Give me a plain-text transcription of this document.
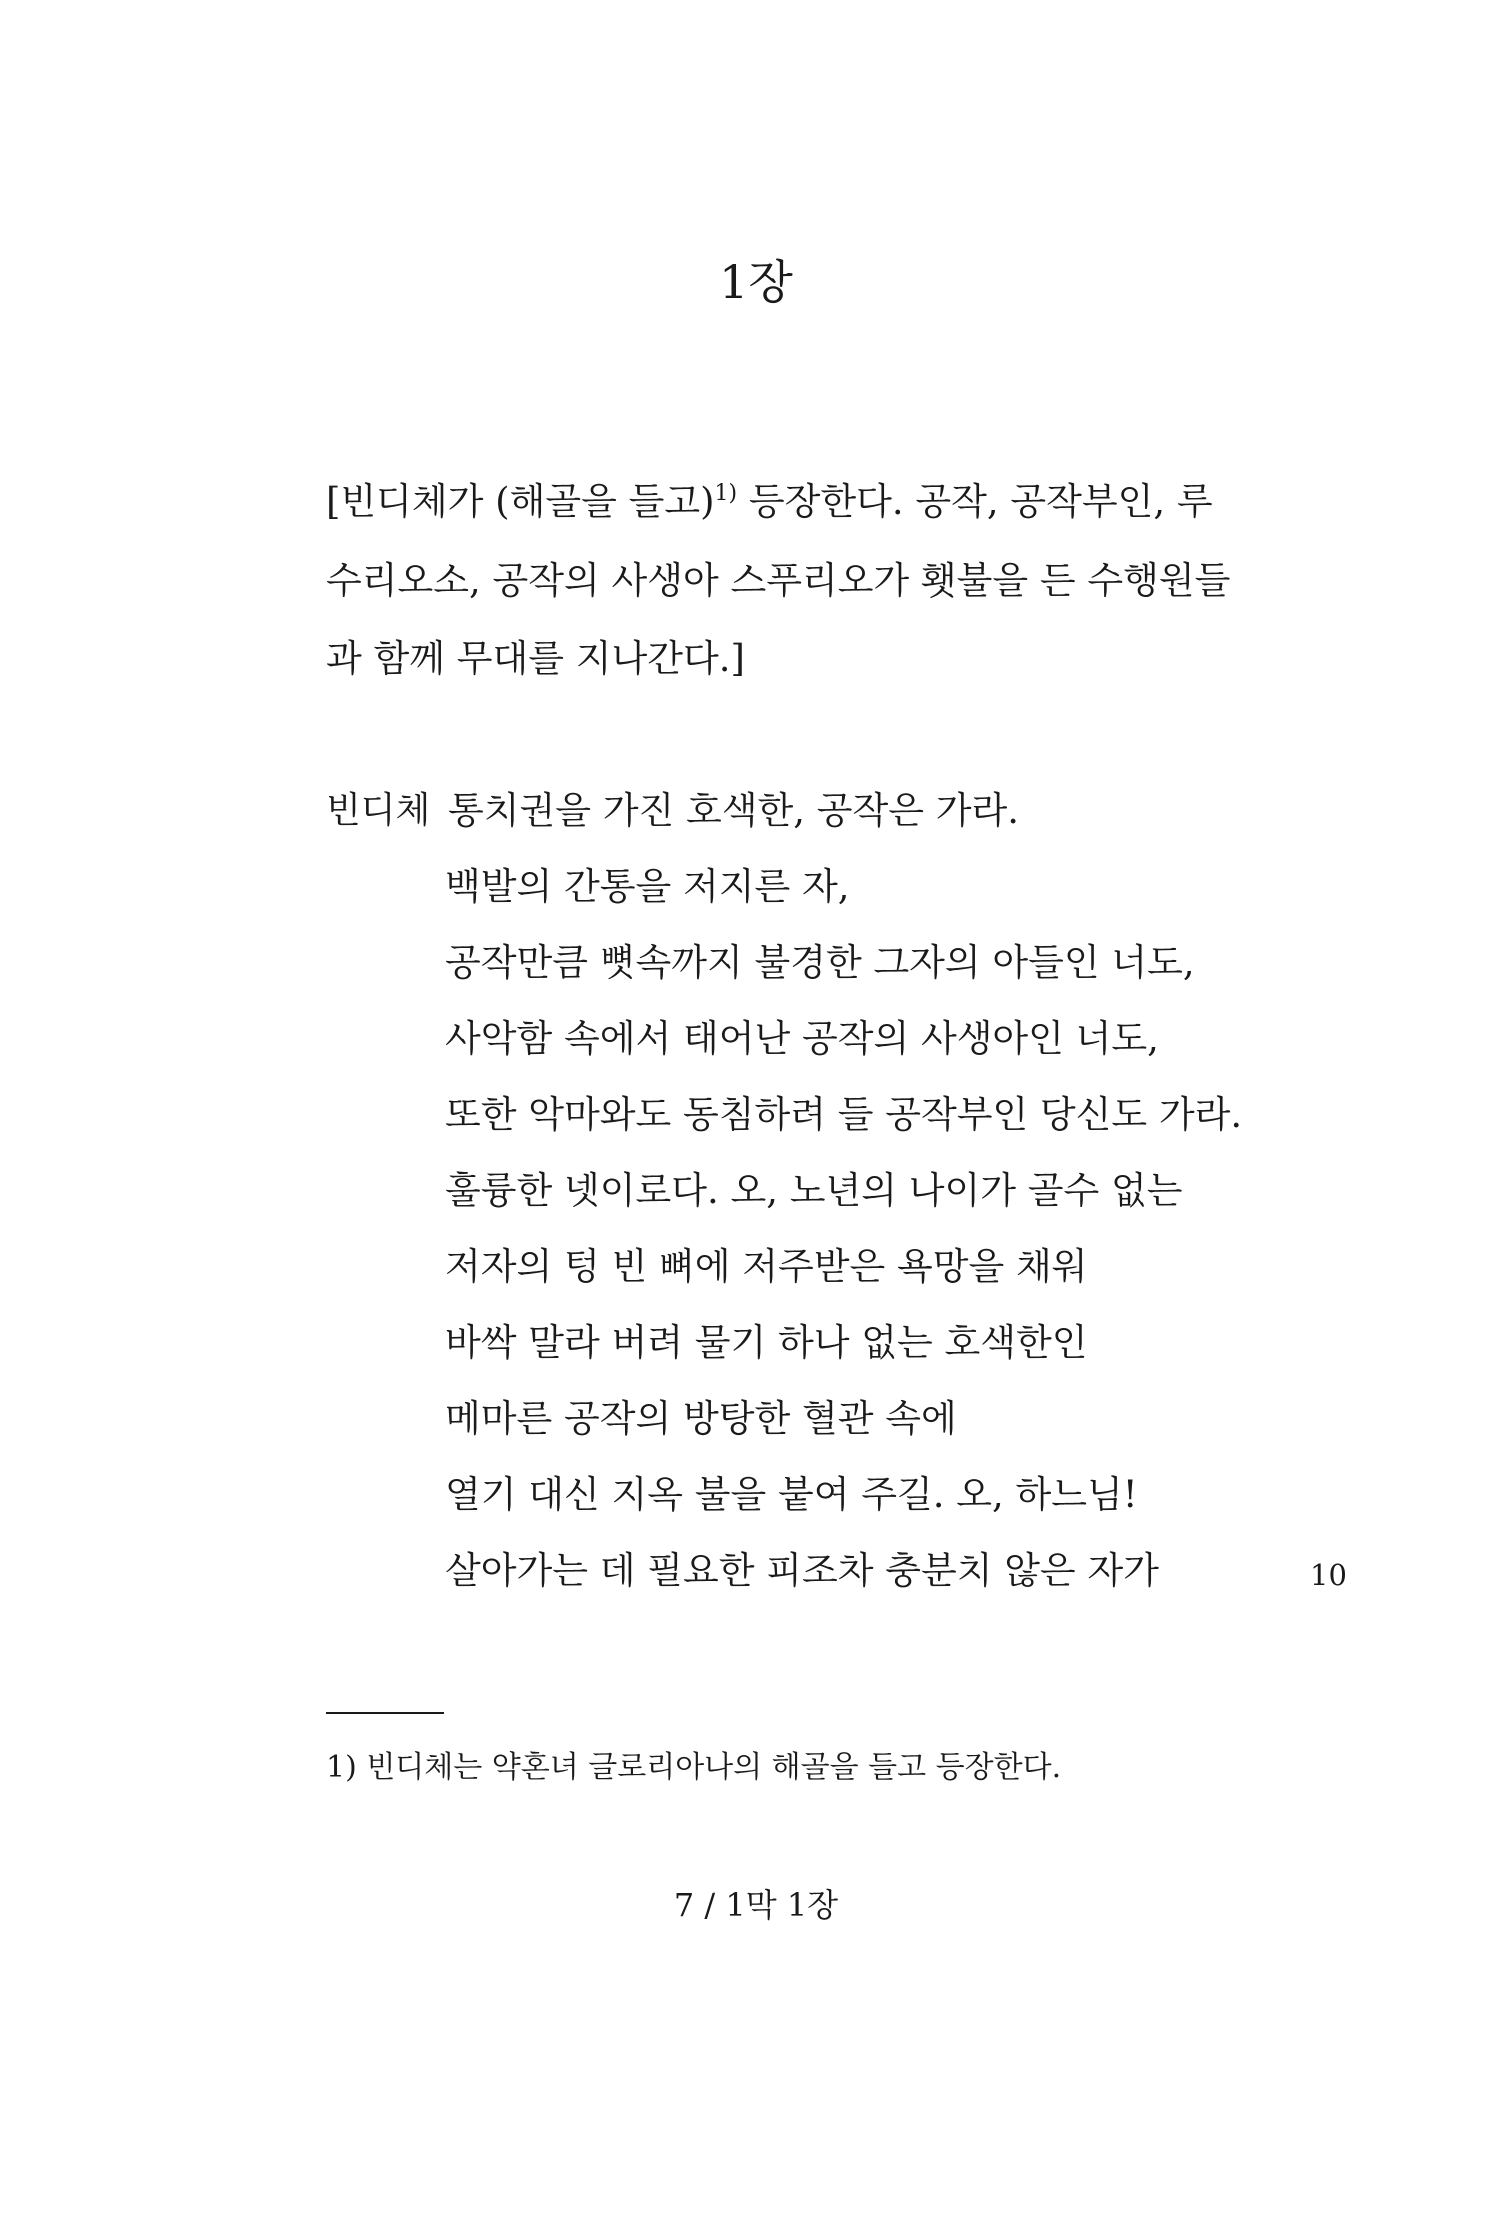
1장
[빈디체가 (해골을 들고)$^{1)}$ 등장한다. 공작, 공작부인, 루
수리오소, 공작의 사생아 스푸리오가 횃불을 든 수행원들
과 함께 무대를 지나간다.]
빈디체 통치권을 가진 호색한, 공작은 가라.
백발의 간통을 저지른 자,
공작만큼 뼛속까지 불경한 그자의 아들인 너도,
사악함 속에서 태어난 공작의 사생아인 너도,
또한 악마와도 동침하려 들 공작부인 당신도 가라.
훌륭한 넷이로다. 오, 노년의 나이가 골수 없는
저자의 텅 빈 뼈에 저주받은 욕망을 채워
바싹 말라 버려 물기 하나 없는 호색한인
메마른 공작의 방탕한 혈관 속에
열기 대신 지옥 불을 붙여 주길. 오, 하느님!
살아가는 데 필요한 피조차 충분치 않은 자가	10
1) 빈디체는 약혼녀 글로리아나의 해골을 들고 등장한다.
7 / 1막 1장
